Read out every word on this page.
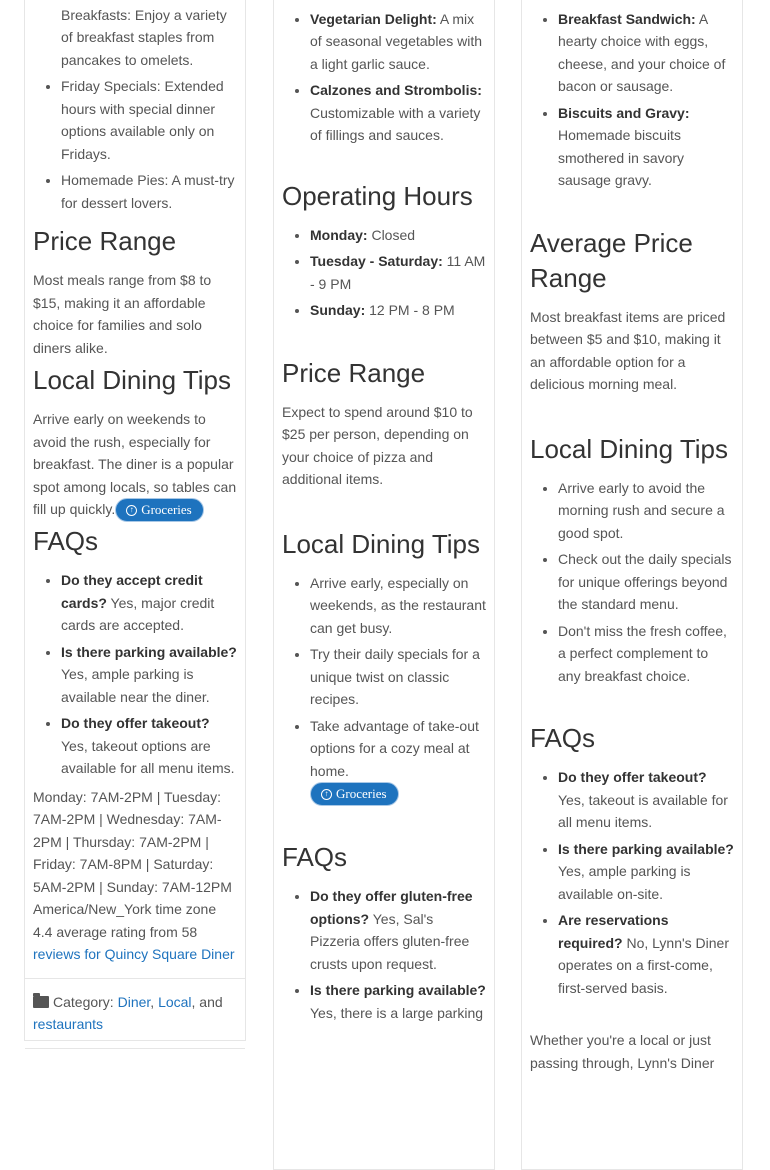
• Breakfasts: Enjoy a variety of breakfast staples from pancakes to omelets.
• Friday Specials: Extended hours with special dinner options available only on Fridays.
• Homemade Pies: A must-try for dessert lovers.
Price Range

Most meals range from $8 to $15, making it an affordable choice for families and solo diners alike.

Local Dining Tips

Arrive early on weekends to avoid the rush, especially for breakfast. The diner is a popular spot among locals, so tables can fill up quickly.	↑ Groceries

FAQs
• Do they accept credit cards? Yes, major credit cards are accepted.
• Is there parking available? Yes, ample parking is available near the diner.
• Do they offer takeout? Yes, takeout options are available for all menu items.

Monday: 7AM-2PM | Tuesday: 7AM-2PM | Wednesday: 7AM-2PM | Thursday: 7AM-2PM | Friday: 7AM-8PM | Saturday: 5AM-2PM | Sunday: 7AM-12PM America/New_York time zone

4.4 average rating from 58
reviews for Quincy Square Diner

Category: Diner, Local, and
restaurants
•
• Vegetarian Delight: A mix of seasonal vegetables with a light garlic sauce.
• Calzones and Strombolis: Customizable with a variety of fillings and sauces.
Operating Hours
• Monday: Closed
• Tuesday - Saturday: 11 AM - 9 PM
• Sunday: 12 PM - 8 PM
Price Range

Expect to spend around $10 to $25 per person, depending on your choice of pizza and additional items.

Local Dining Tips
• Arrive early, especially on weekends, as the restaurant can get busy.
• Try their daily specials for a unique twist on classic recipes.
• Take advantage of take-out options for a cozy meal at home.

↑ Groceries
FAQs
• Do they offer gluten-free options? Yes, Sal's Pizzeria offers gluten-free crusts upon request.
• Is there parking available? Yes, there is a large parking
•
• Breakfast Sandwich: A hearty choice with eggs, cheese, and your choice of bacon or sausage.
• Biscuits and Gravy: Homemade biscuits smothered in savory sausage gravy.
Average Price Range

Most breakfast items are priced between $5 and $10, making it an affordable option for a delicious morning meal.

Local Dining Tips
• Arrive early to avoid the morning rush and secure a good spot.
• Check out the daily specials for unique offerings beyond the standard menu.
• Don't miss the fresh coffee, a perfect complement to any breakfast choice.
FAQs
• Do they offer takeout? Yes, takeout is available for all menu items.
• Is there parking available? Yes, ample parking is available on-site.
• Are reservations required? No, Lynn's Diner operates on a first-come, first-served basis.

Whether you're a local or just passing through, Lynn's Diner
